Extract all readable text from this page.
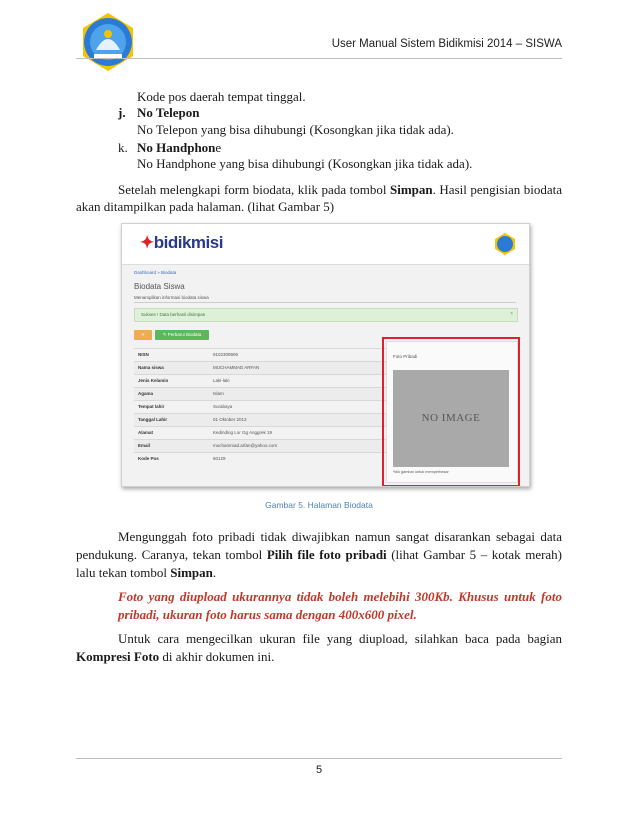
User Manual Sistem Bidikmisi 2014 – SISWA
Kode pos daerah tempat tinggal.
j. No Telepon
No Telepon yang bisa dihubungi (Kosongkan jika tidak ada).
k. No Handphone
No Handphone yang bisa dihubungi (Kosongkan jika tidak ada).
Setelah melengkapi form biodata, klik pada tombol Simpan. Hasil pengisian biodata
akan ditampilkan pada halaman. (lihat Gambar 5)
✦bidikmisi
Dashboard » Biodata
Biodata Siswa
Menampilkan informasi biodata siswa
Sukses ! Data berhasil disimpan	×
«	✎ Perbarui Biodata
NISN	9102309906
Nama siswa	MUCHAMMAD ARFAN
Jenis Kelamin	Laki-laki
Agama	Islam
Tempat lahir	Surabaya
Tanggal Lahir	01 Oktober 2013
Alamat	Kedinding Lor Gg Anggrek 19
Email	muchammad.arfan@yahoo.com
Kode Pos	60129
Foto Pribadi
NO IMAGE
*klik gambar untuk memperbesar
Gambar 5. Halaman Biodata
Mengunggah foto pribadi tidak diwajibkan namun sangat disarankan sebagai data
pendukung. Caranya, tekan tombol Pilih file foto pribadi (lihat Gambar 5 – kotak merah)
lalu tekan tombol Simpan.
Foto yang diupload ukurannya tidak boleh melebihi 300Kb. Khusus untuk foto
pribadi, ukuran foto harus sama dengan 400x600 pixel.
Untuk cara mengecilkan ukuran file yang diupload, silahkan baca pada bagian
Kompresi Foto di akhir dokumen ini.
5
